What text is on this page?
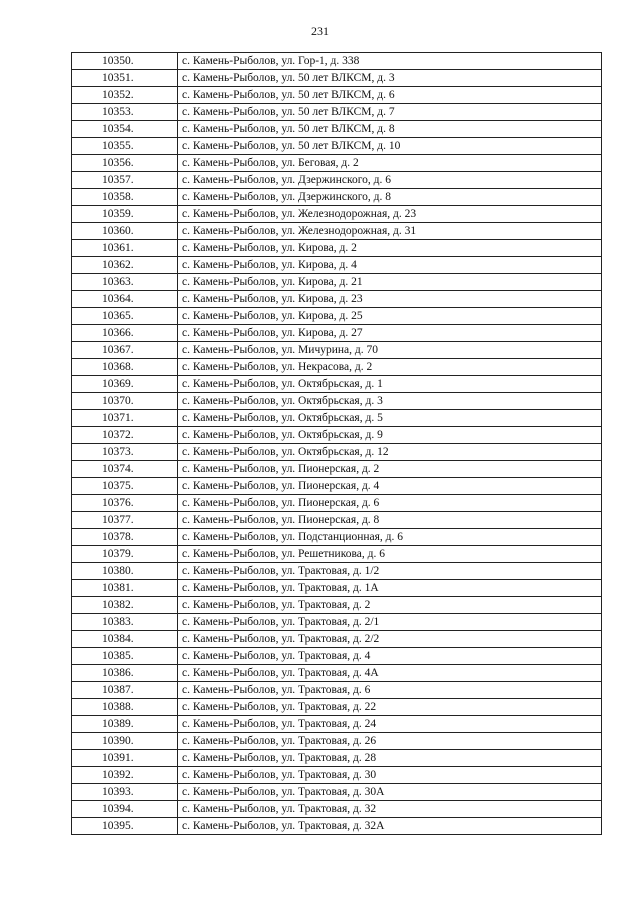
231
10350.	с. Камень-Рыболов, ул. Гор-1, д. 338
10351.	с. Камень-Рыболов, ул. 50 лет ВЛКСМ, д. 3
10352.	с. Камень-Рыболов, ул. 50 лет ВЛКСМ, д. 6
10353.	с. Камень-Рыболов, ул. 50 лет ВЛКСМ, д. 7
10354.	с. Камень-Рыболов, ул. 50 лет ВЛКСМ, д. 8
10355.	с. Камень-Рыболов, ул. 50 лет ВЛКСМ, д. 10
10356.	с. Камень-Рыболов, ул. Беговая, д. 2
10357.	с. Камень-Рыболов, ул. Дзержинского, д. 6
10358.	с. Камень-Рыболов, ул. Дзержинского, д. 8
10359.	с. Камень-Рыболов, ул. Железнодорожная, д. 23
10360.	с. Камень-Рыболов, ул. Железнодорожная, д. 31
10361.	с. Камень-Рыболов, ул. Кирова, д. 2
10362.	с. Камень-Рыболов, ул. Кирова, д. 4
10363.	с. Камень-Рыболов, ул. Кирова, д. 21
10364.	с. Камень-Рыболов, ул. Кирова, д. 23
10365.	с. Камень-Рыболов, ул. Кирова, д. 25
10366.	с. Камень-Рыболов, ул. Кирова, д. 27
10367.	с. Камень-Рыболов, ул. Мичурина, д. 70
10368.	с. Камень-Рыболов, ул. Некрасова, д. 2
10369.	с. Камень-Рыболов, ул. Октябрьская, д. 1
10370.	с. Камень-Рыболов, ул. Октябрьская, д. 3
10371.	с. Камень-Рыболов, ул. Октябрьская, д. 5
10372.	с. Камень-Рыболов, ул. Октябрьская, д. 9
10373.	с. Камень-Рыболов, ул. Октябрьская, д. 12
10374.	с. Камень-Рыболов, ул. Пионерская, д. 2
10375.	с. Камень-Рыболов, ул. Пионерская, д. 4
10376.	с. Камень-Рыболов, ул. Пионерская, д. 6
10377.	с. Камень-Рыболов, ул. Пионерская, д. 8
10378.	с. Камень-Рыболов, ул. Подстанционная, д. 6
10379.	с. Камень-Рыболов, ул. Решетникова, д. 6
10380.	с. Камень-Рыболов, ул. Трактовая, д. 1/2
10381.	с. Камень-Рыболов, ул. Трактовая, д. 1А
10382.	с. Камень-Рыболов, ул. Трактовая, д. 2
10383.	с. Камень-Рыболов, ул. Трактовая, д. 2/1
10384.	с. Камень-Рыболов, ул. Трактовая, д. 2/2
10385.	с. Камень-Рыболов, ул. Трактовая, д. 4
10386.	с. Камень-Рыболов, ул. Трактовая, д. 4А
10387.	с. Камень-Рыболов, ул. Трактовая, д. 6
10388.	с. Камень-Рыболов, ул. Трактовая, д. 22
10389.	с. Камень-Рыболов, ул. Трактовая, д. 24
10390.	с. Камень-Рыболов, ул. Трактовая, д. 26
10391.	с. Камень-Рыболов, ул. Трактовая, д. 28
10392.	с. Камень-Рыболов, ул. Трактовая, д. 30
10393.	с. Камень-Рыболов, ул. Трактовая, д. 30А
10394.	с. Камень-Рыболов, ул. Трактовая, д. 32
10395.	с. Камень-Рыболов, ул. Трактовая, д. 32А
